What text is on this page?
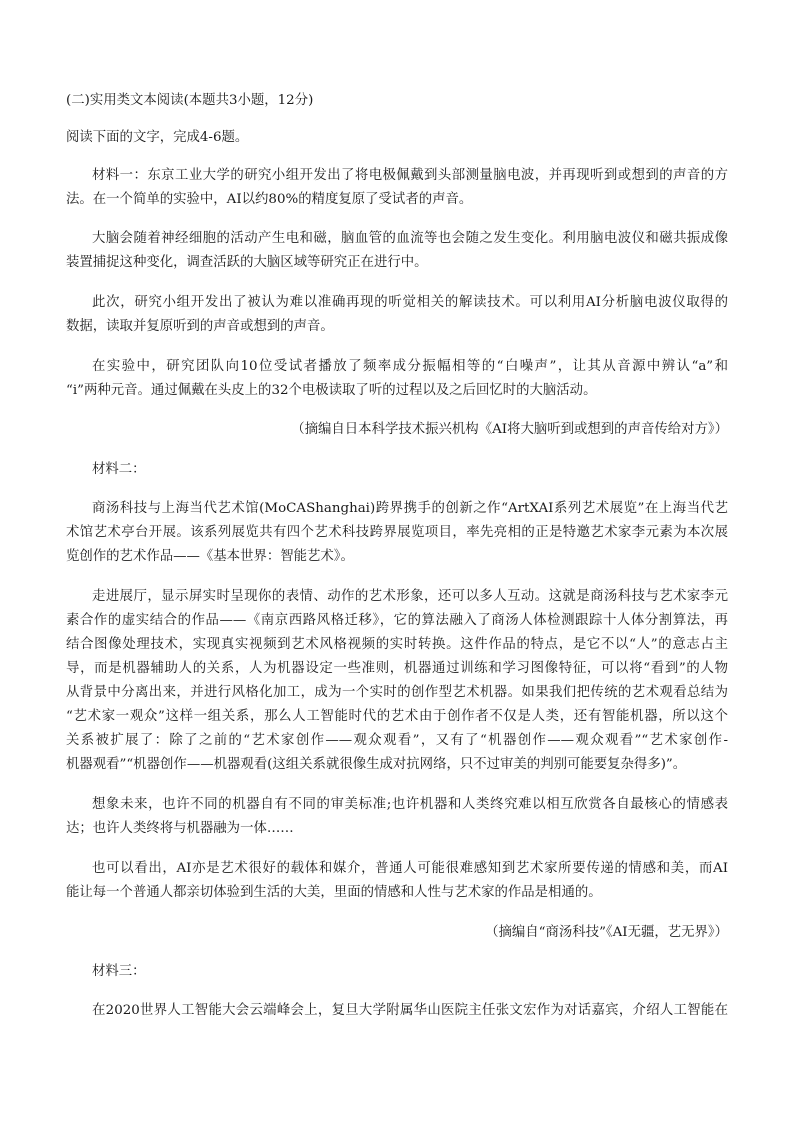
(二)实用类文本阅读(本题共3小题，12分)
阅读下面的文字，完成4-6题。
材料一：东京工业大学的研究小组开发出了将电极佩戴到头部测量脑电波，并再现听到或想到的声音的方
法。在一个简单的实验中，AI以约80%的精度复原了受试者的声音。
大脑会随着神经细胞的活动产生电和磁，脑血管的血流等也会随之发生变化。利用脑电波仪和磁共振成像
装置捕捉这种变化，调查活跃的大脑区域等研究正在进行中。
此次，研究小组开发出了被认为难以准确再现的听觉相关的解读技术。可以利用AI分析脑电波仪取得的
数据，读取并复原听到的声音或想到的声音。
在实验中，研究团队向10位受试者播放了频率成分振幅相等的“白噪声”，让其从音源中辨认“a”和
“i”两种元音。通过佩戴在头皮上的32个电极读取了听的过程以及之后回忆时的大脑活动。
（摘编自日本科学技术振兴机构《AI将大脑听到或想到的声音传给对方》）
材料二：
商汤科技与上海当代艺术馆(MoCAShanghai)跨界携手的创新之作“ArtXAI系列艺术展览”在上海当代艺
术馆艺术亭台开展。该系列展览共有四个艺术科技跨界展览项目，率先亮相的正是特邀艺术家李元素为本次展
览创作的艺术作品——《基本世界：智能艺术》。
走进展厅，显示屏实时呈现你的表情、动作的艺术形象，还可以多人互动。这就是商汤科技与艺术家李元
素合作的虚实结合的作品——《南京西路风格迁移》，它的算法融入了商汤人体检测跟踪十人体分割算法，再
结合图像处理技术，实现真实视频到艺术风格视频的实时转换。这件作品的特点，是它不以“人”的意志占主
导，而是机器辅助人的关系，人为机器设定一些准则，机器通过训练和学习图像特征，可以将“看到”的人物
从背景中分离出来，并进行风格化加工，成为一个实时的创作型艺术机器。如果我们把传统的艺术观看总结为
“艺术家一观众”这样一组关系，那么人工智能时代的艺术由于创作者不仅是人类，还有智能机器，所以这个
关系被扩展了：除了之前的“艺术家创作——观众观看”，又有了“机器创作——观众观看”“艺术家创作-
机器观看”“机器创作——机器观看(这组关系就很像生成对抗网络，只不过审美的判别可能要复杂得多)”。
想象未来，也许不同的机器自有不同的审美标准;也许机器和人类终究难以相互欣赏各自最核心的情感表
达；也许人类终将与机器融为一体……
也可以看出，AI亦是艺术很好的载体和媒介，普通人可能很难感知到艺术家所要传递的情感和美，而AI
能让每一个普通人都亲切体验到生活的大美，里面的情感和人性与艺术家的作品是相通的。
（摘编自“商汤科技”《AI无疆，艺无界》）
材料三：
在2020世界人工智能大会云端峰会上，复旦大学附属华山医院主任张文宏作为对话嘉宾，介绍人工智能在
